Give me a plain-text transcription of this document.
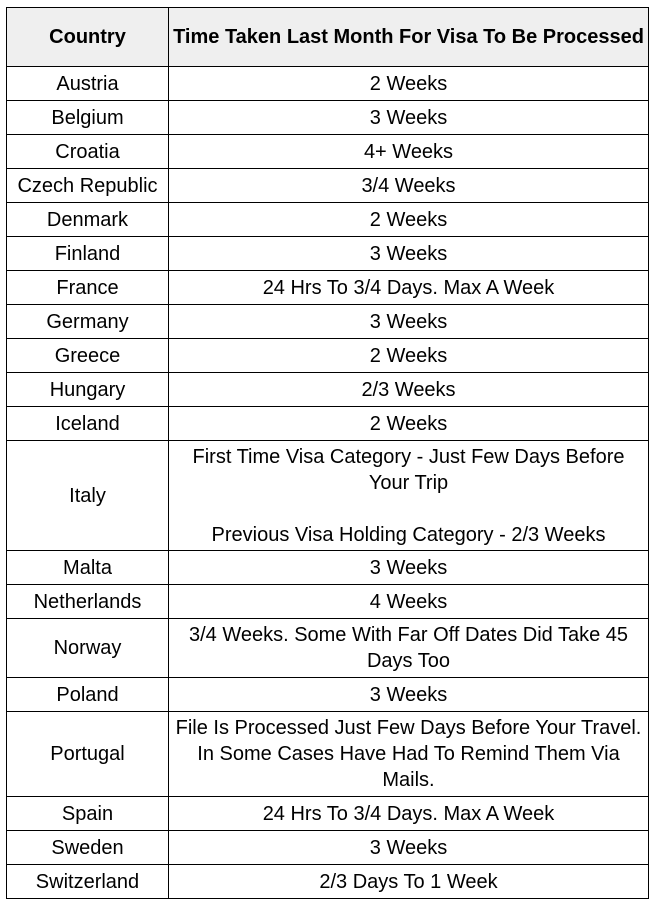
Country	Time Taken Last Month For Visa To Be Processed
Austria	2 Weeks
Belgium	3 Weeks
Croatia	4+ Weeks
Czech Republic	3/4 Weeks
Denmark	2 Weeks
Finland	3 Weeks
France	24 Hrs To 3/4 Days. Max A Week
Germany	3 Weeks
Greece	2 Weeks
Hungary	2/3 Weeks
Iceland	2 Weeks
Italy	First Time Visa Category - Just Few Days Before Your Trip

Previous Visa Holding Category - 2/3 Weeks
Malta	3 Weeks
Netherlands	4 Weeks
Norway	3/4 Weeks. Some With Far Off Dates Did Take 45 Days Too
Poland	3 Weeks
Portugal	File Is Processed Just Few Days Before Your Travel. In Some Cases Have Had To Remind Them Via Mails.
Spain	24 Hrs To 3/4 Days. Max A Week
Sweden	3 Weeks
Switzerland	2/3 Days To 1 Week
